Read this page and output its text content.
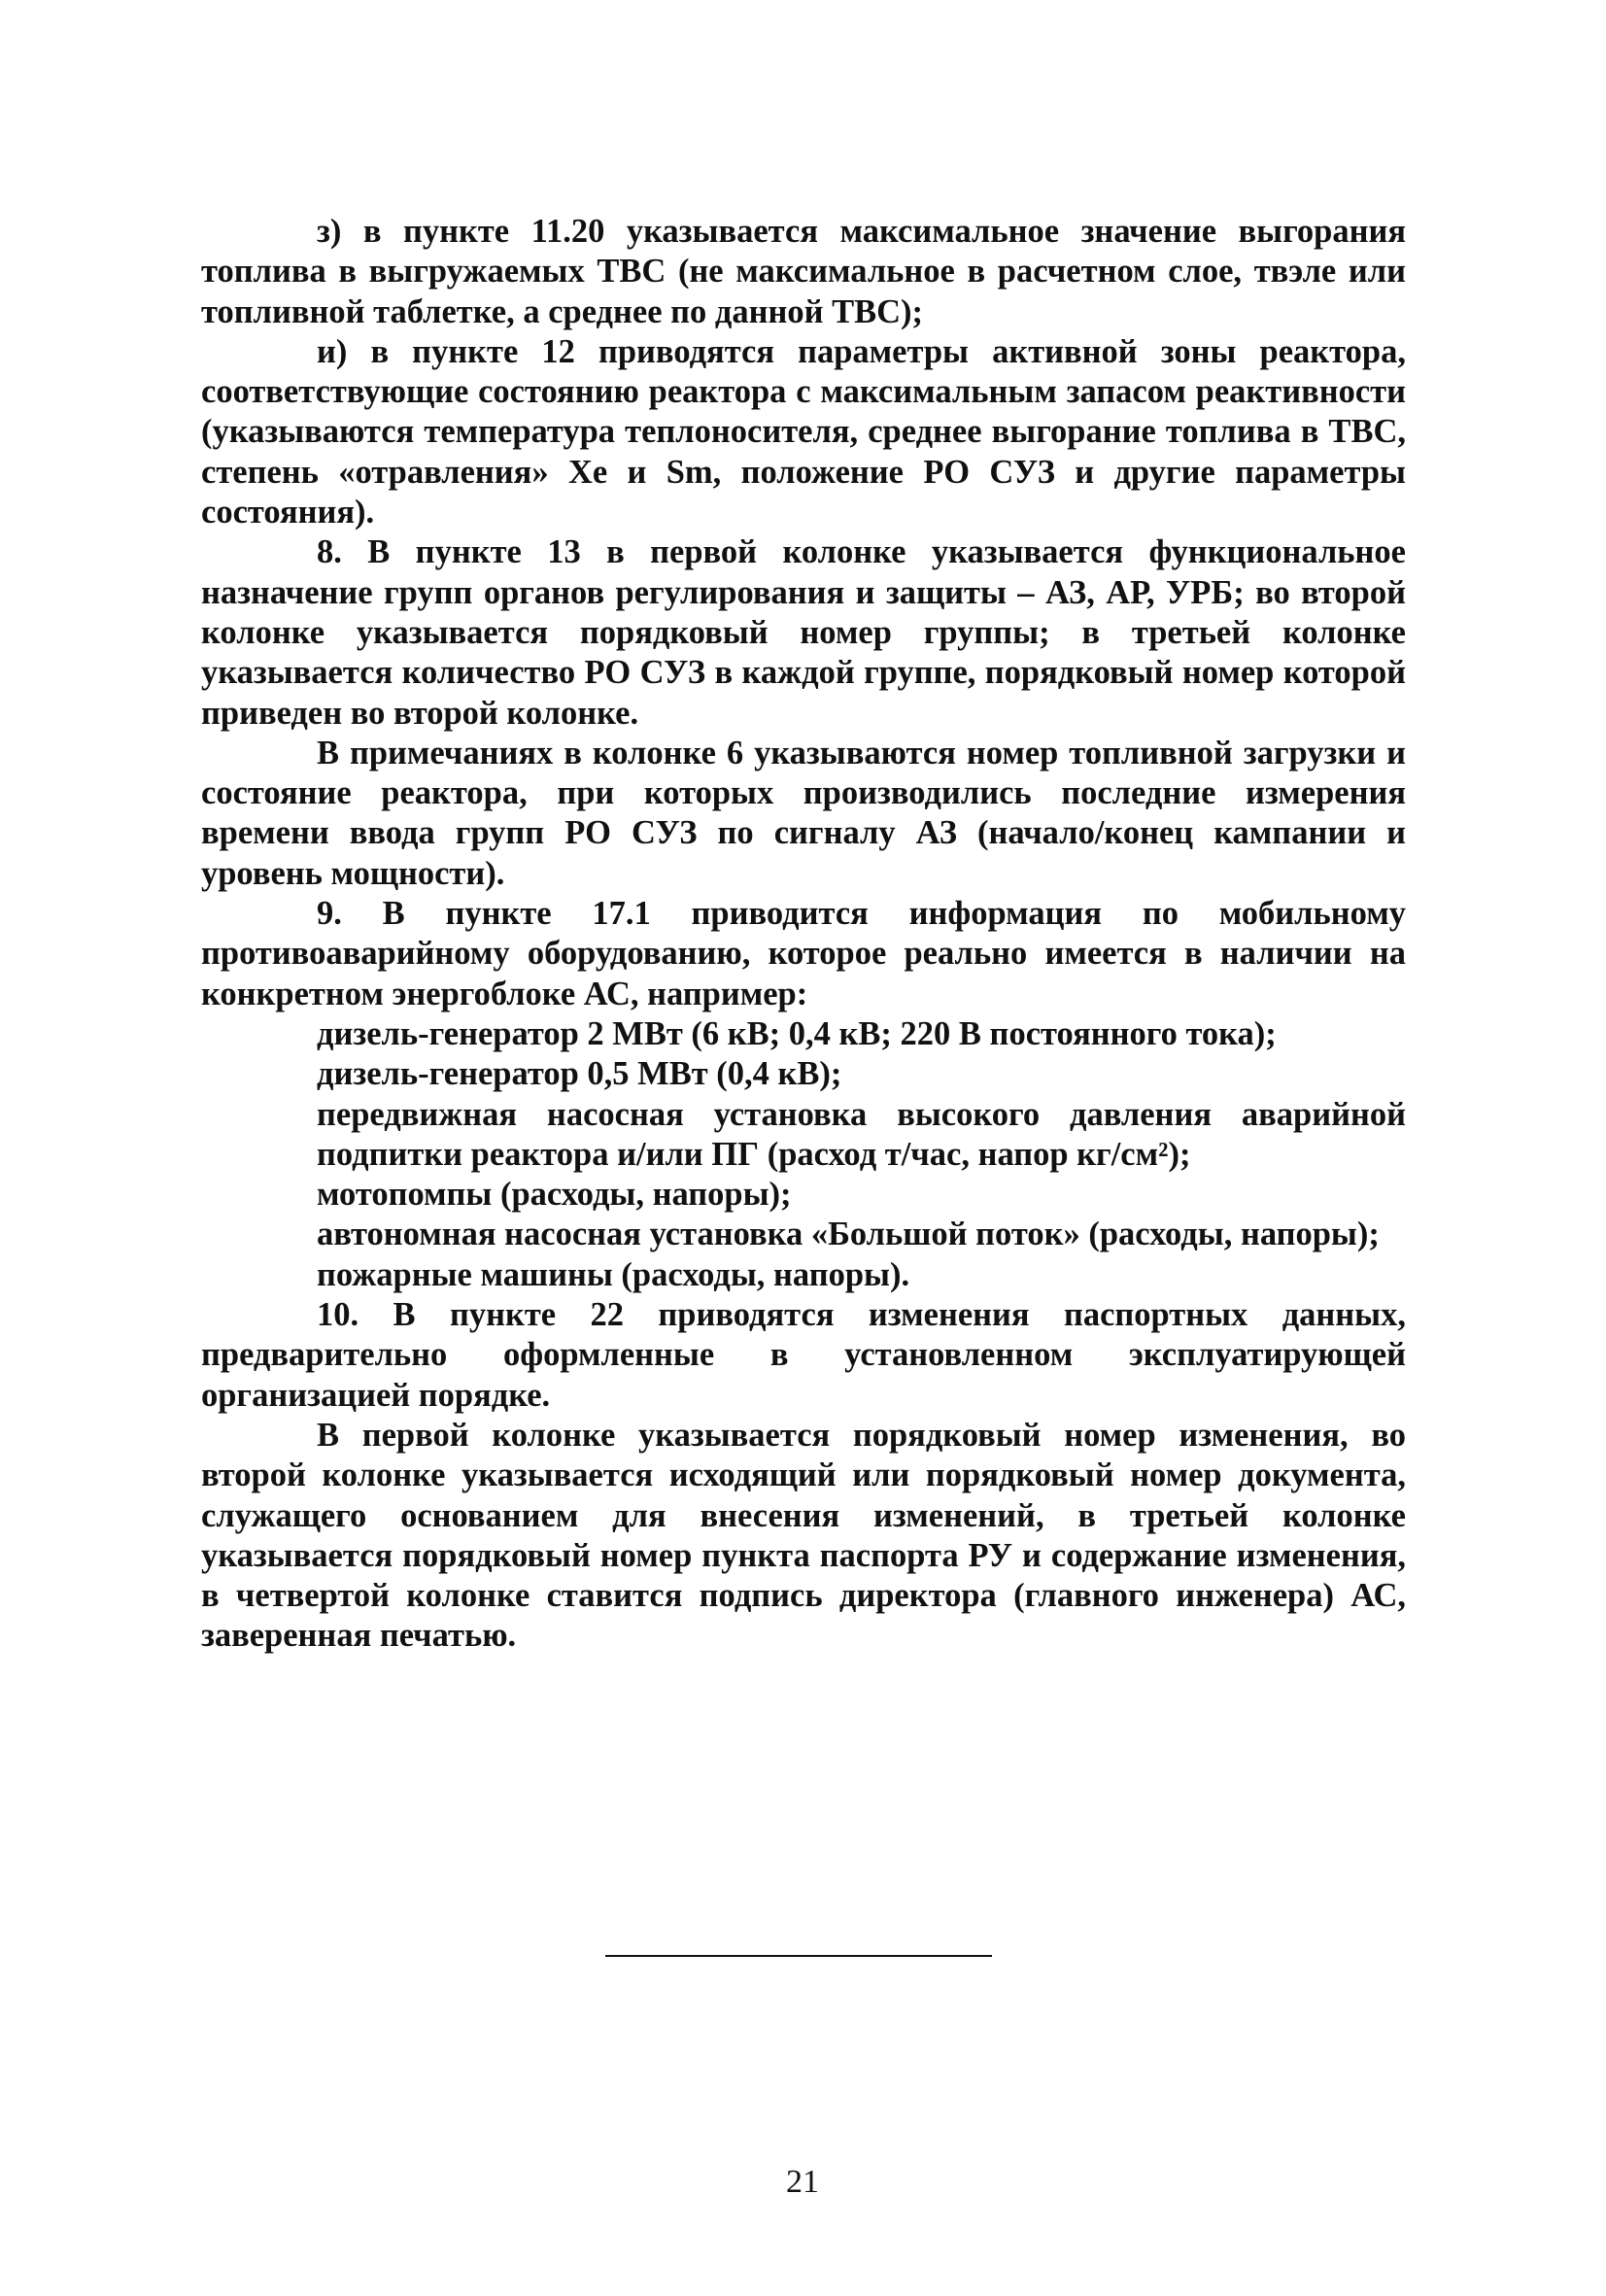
з) в пункте 11.20 указывается максимальное значение выгорания топлива в выгружаемых ТВС (не максимальное в расчетном слое, твэле или топливной таблетке, а среднее по данной ТВС);

и) в пункте 12 приводятся параметры активной зоны реактора, соответствующие состоянию реактора с максимальным запасом реактивности (указываются температура теплоносителя, среднее выгорание топлива в ТВС, степень «отравления» Xe и Sm, положение РО СУЗ и другие параметры состояния).

8. В пункте 13 в первой колонке указывается функциональное назначение групп органов регулирования и защиты – АЗ, АР, УРБ; во второй колонке указывается порядковый номер группы; в третьей колонке указывается количество РО СУЗ в каждой группе, порядковый номер которой приведен во второй колонке.

В примечаниях в колонке 6 указываются номер топливной загрузки и состояние реактора, при которых производились последние измерения времени ввода групп РО СУЗ по сигналу АЗ (начало/конец кампании и уровень мощности).

9. В пункте 17.1 приводится информация по мобильному противоаварийному оборудованию, которое реально имеется в наличии на конкретном энергоблоке АС, например:

дизель-генератор 2 МВт (6 кВ; 0,4 кВ; 220 В постоянного тока);
дизель-генератор 0,5 МВт (0,4 кВ);
передвижная насосная установка высокого давления аварийной подпитки реактора и/или ПГ (расход т/час, напор кг/см²);
мотопомпы (расходы, напоры);
автономная насосная установка «Большой поток» (расходы, напоры);
пожарные машины (расходы, напоры).

10. В пункте 22 приводятся изменения паспортных данных, предварительно оформленные в установленном эксплуатирующей организацией порядке.

В первой колонке указывается порядковый номер изменения, во второй колонке указывается исходящий или порядковый номер документа, служащего основанием для внесения изменений, в третьей колонке указывается порядковый номер пункта паспорта РУ и содержание изменения, в четвертой колонке ставится подпись директора (главного инженера) АС, заверенная печатью.

21
